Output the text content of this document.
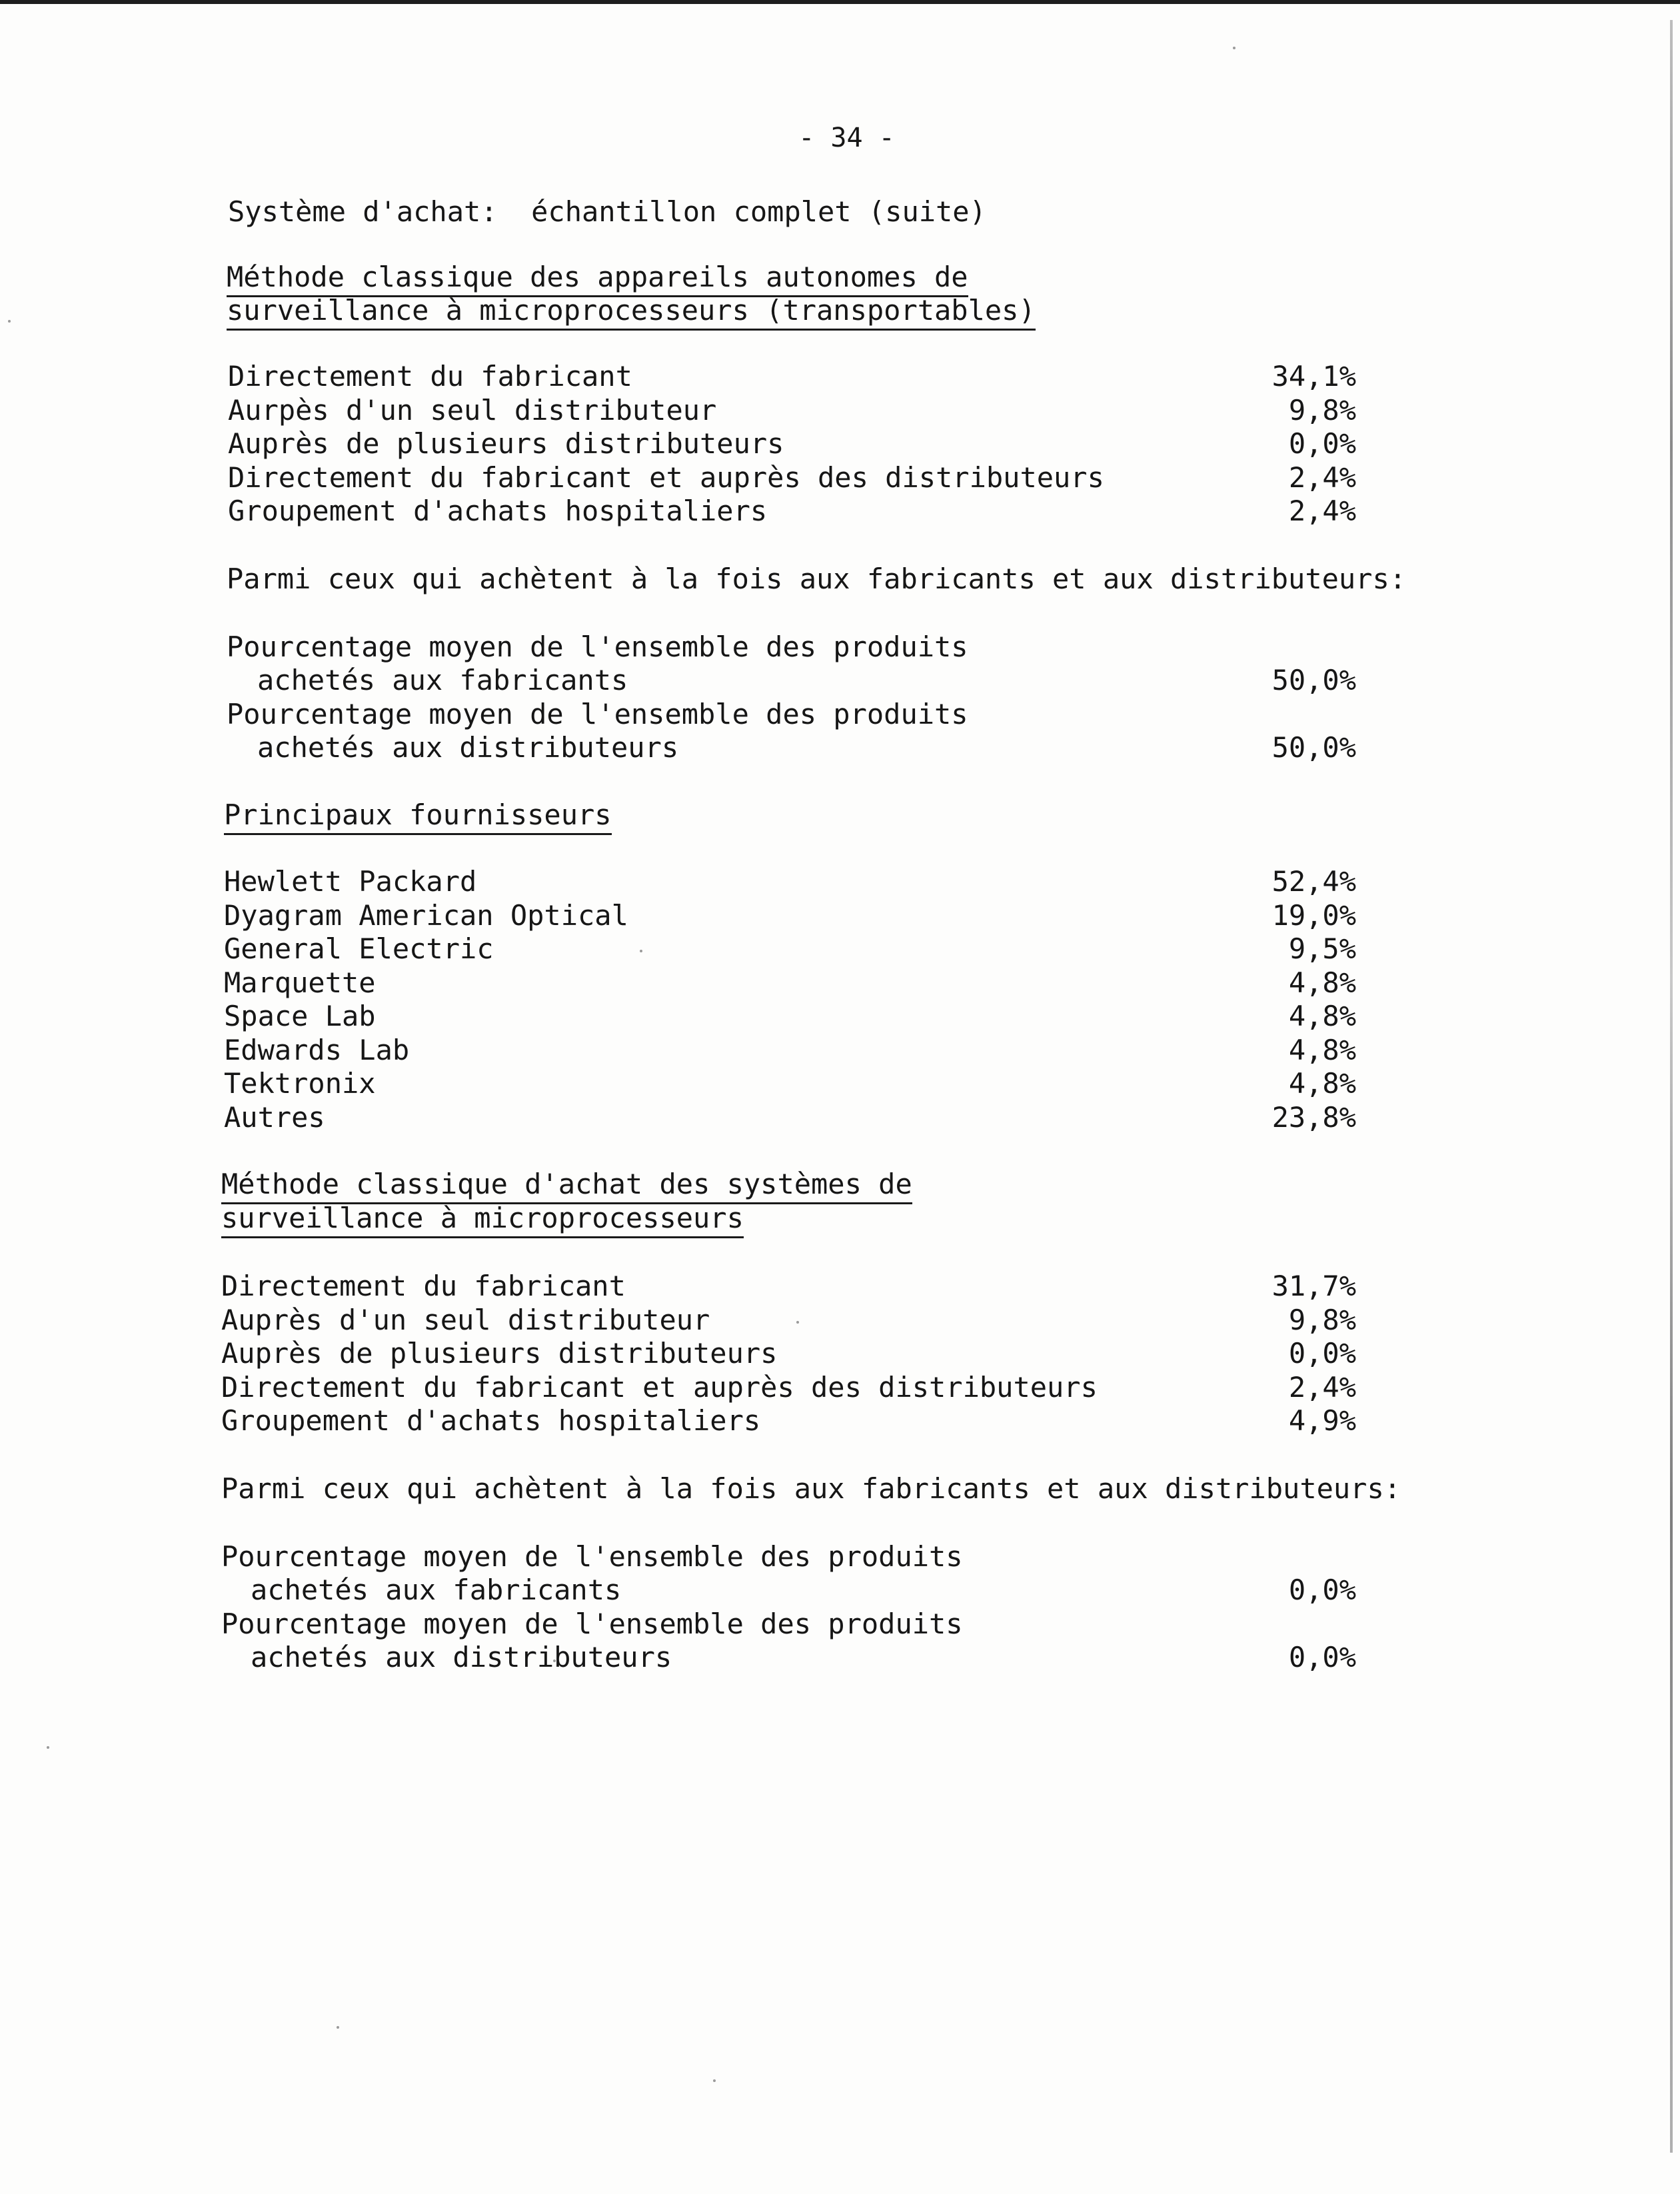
- 34 -
Système d'achat:  échantillon complet (suite)
Méthode classique des appareils autonomes de
surveillance à microprocesseurs (transportables)
Directement du fabricant	34,1%
Aurpès d'un seul distributeur	9,8%
Auprès de plusieurs distributeurs	0,0%
Directement du fabricant et auprès des distributeurs	2,4%
Groupement d'achats hospitaliers	2,4%
Parmi ceux qui achètent à la fois aux fabricants et aux distributeurs:
Pourcentage moyen de l'ensemble des produits
achetés aux fabricants	50,0%
Pourcentage moyen de l'ensemble des produits
achetés aux distributeurs	50,0%
Principaux fournisseurs
Hewlett Packard	52,4%
Dyagram American Optical	19,0%
General Electric	9,5%
Marquette	4,8%
Space Lab	4,8%
Edwards Lab	4,8%
Tektronix	4,8%
Autres	23,8%
Méthode classique d'achat des systèmes de
surveillance à microprocesseurs
Directement du fabricant	31,7%
Auprès d'un seul distributeur	9,8%
Auprès de plusieurs distributeurs	0,0%
Directement du fabricant et auprès des distributeurs	2,4%
Groupement d'achats hospitaliers	4,9%
Parmi ceux qui achètent à la fois aux fabricants et aux distributeurs:
Pourcentage moyen de l'ensemble des produits
achetés aux fabricants	0,0%
Pourcentage moyen de l'ensemble des produits
achetés aux distributeurs	0,0%
